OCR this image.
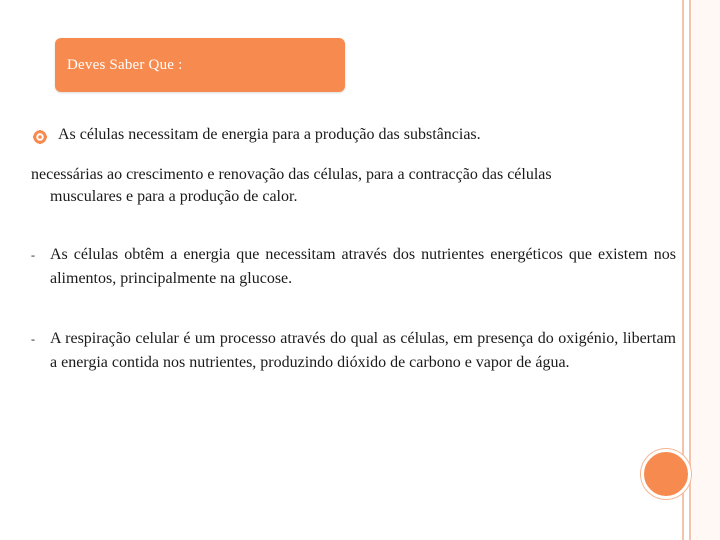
Deves Saber Que :

As células necessitam de energia para a produção das substâncias.

necessárias ao crescimento e renovação das células, para a contracção das células
musculares e para a produção de calor.

- As células obtêm a energia que necessitam através dos nutrientes energéticos que existem nos alimentos, principalmente na glucose.
- A respiração celular é um processo através do qual as células, em presença do oxigénio, libertam a energia contida nos nutrientes, produzindo dióxido de carbono e vapor de água.
